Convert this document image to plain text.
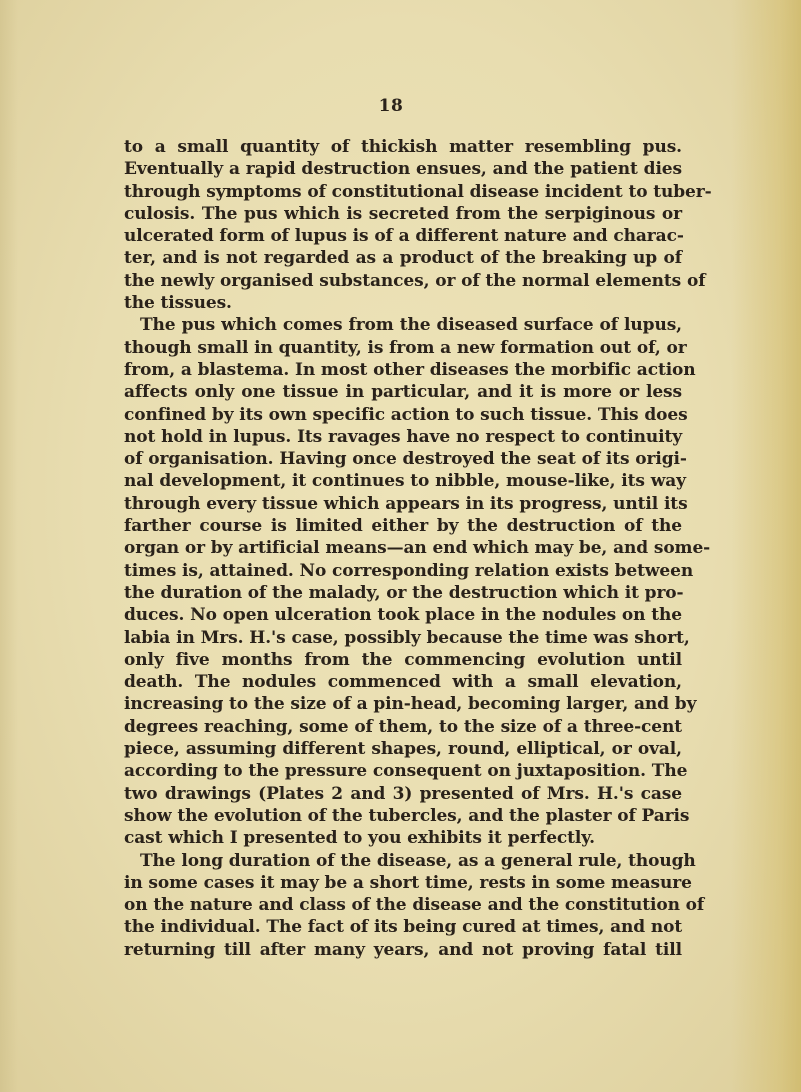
18
to a small quantity of thickish matter resembling pus.
Eventually a rapid destruction ensues, and the patient dies
through symptoms of constitutional disease incident to tuber-
culosis. The pus which is secreted from the serpiginous or
ulcerated form of lupus is of a different nature and charac-
ter, and is not regarded as a product of the breaking up of
the newly organised substances, or of the normal elements of
the tissues.
The pus which comes from the diseased surface of lupus,
though small in quantity, is from a new formation out of, or
from, a blastema. In most other diseases the morbific action
affects only one tissue in particular, and it is more or less
confined by its own specific action to such tissue. This does
not hold in lupus. Its ravages have no respect to continuity
of organisation. Having once destroyed the seat of its origi-
nal development, it continues to nibble, mouse-like, its way
through every tissue which appears in its progress, until its
farther course is limited either by the destruction of the
organ or by artificial means—an end which may be, and some-
times is, attained. No corresponding relation exists between
the duration of the malady, or the destruction which it pro-
duces. No open ulceration took place in the nodules on the
labia in Mrs. H.'s case, possibly because the time was short,
only five months from the commencing evolution until
death. The nodules commenced with a small elevation,
increasing to the size of a pin-head, becoming larger, and by
degrees reaching, some of them, to the size of a three-cent
piece, assuming different shapes, round, elliptical, or oval,
according to the pressure consequent on juxtaposition. The
two drawings (Plates 2 and 3) presented of Mrs. H.'s case
show the evolution of the tubercles, and the plaster of Paris
cast which I presented to you exhibits it perfectly.
The long duration of the disease, as a general rule, though
in some cases it may be a short time, rests in some measure
on the nature and class of the disease and the constitution of
the individual. The fact of its being cured at times, and not
returning till after many years, and not proving fatal till
